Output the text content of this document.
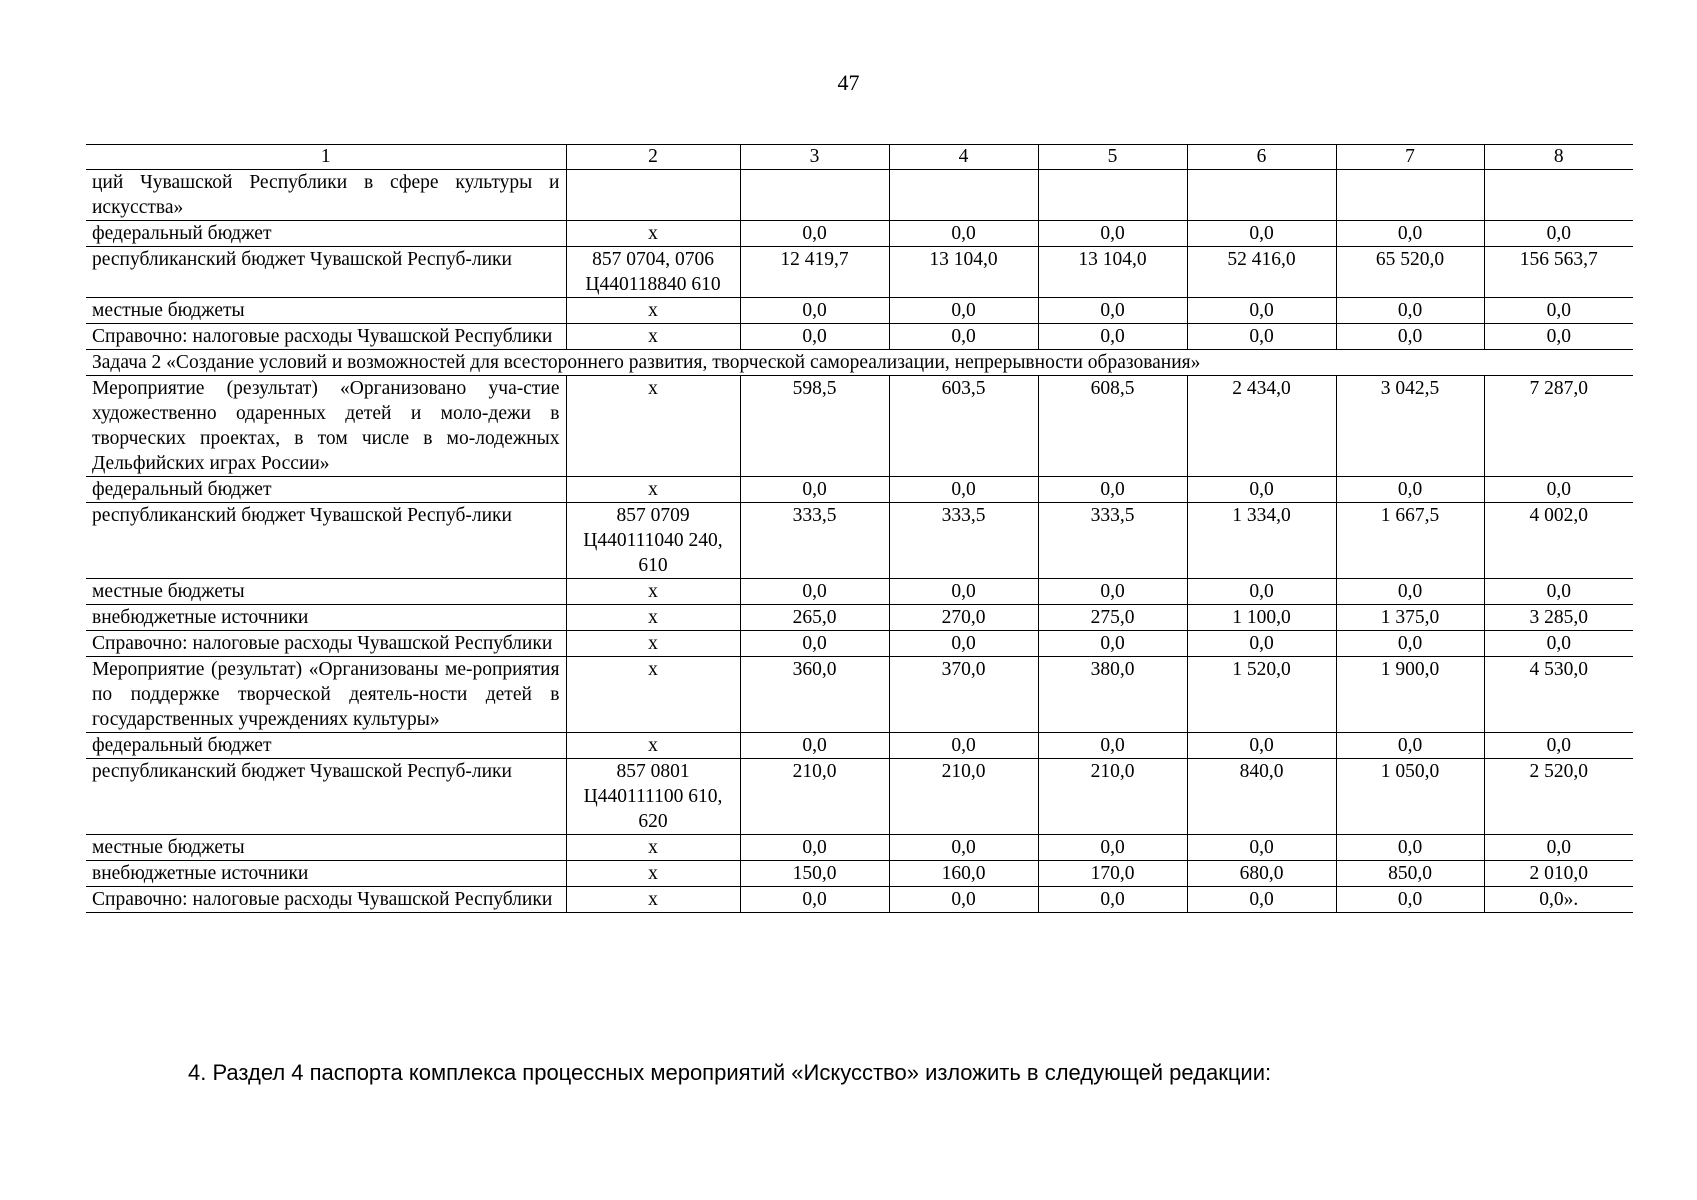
47
1	2	3	4	5	6	7	8
ций Чувашской Республики в сфере культуры и искусства»							
федеральный бюджет	x	0,0	0,0	0,0	0,0	0,0	0,0
республиканский бюджет Чувашской Респуб-лики	857 0704, 0706 Ц440118840 610	12 419,7	13 104,0	13 104,0	52 416,0	65 520,0	156 563,7
местные бюджеты	x	0,0	0,0	0,0	0,0	0,0	0,0
Справочно: налоговые расходы Чувашской Республики	x	0,0	0,0	0,0	0,0	0,0	0,0
Задача 2 «Создание условий и возможностей для всестороннего развития, творческой самореализации, непрерывности образования»							
Мероприятие (результат) «Организовано уча-стие художественно одаренных детей и моло-дежи в творческих проектах, в том числе в мо-лодежных Дельфийских играх России»	x	598,5	603,5	608,5	2 434,0	3 042,5	7 287,0
федеральный бюджет	x	0,0	0,0	0,0	0,0	0,0	0,0
республиканский бюджет Чувашской Респуб-лики	857 0709 Ц440111040 240, 610	333,5	333,5	333,5	1 334,0	1 667,5	4 002,0
местные бюджеты	x	0,0	0,0	0,0	0,0	0,0	0,0
внебюджетные источники	x	265,0	270,0	275,0	1 100,0	1 375,0	3 285,0
Справочно: налоговые расходы Чувашской Республики	x	0,0	0,0	0,0	0,0	0,0	0,0
Мероприятие (результат) «Организованы ме-роприятия по поддержке творческой деятель-ности детей в государственных учреждениях культуры»	x	360,0	370,0	380,0	1 520,0	1 900,0	4 530,0
федеральный бюджет	x	0,0	0,0	0,0	0,0	0,0	0,0
республиканский бюджет Чувашской Респуб-лики	857 0801 Ц440111100 610, 620	210,0	210,0	210,0	840,0	1 050,0	2 520,0
местные бюджеты	x	0,0	0,0	0,0	0,0	0,0	0,0
внебюджетные источники	x	150,0	160,0	170,0	680,0	850,0	2 010,0
Справочно: налоговые расходы Чувашской Республики	x	0,0	0,0	0,0	0,0	0,0	0,0».
4. Раздел 4 паспорта комплекса процессных мероприятий «Искусство» изложить в следующей редакции:
